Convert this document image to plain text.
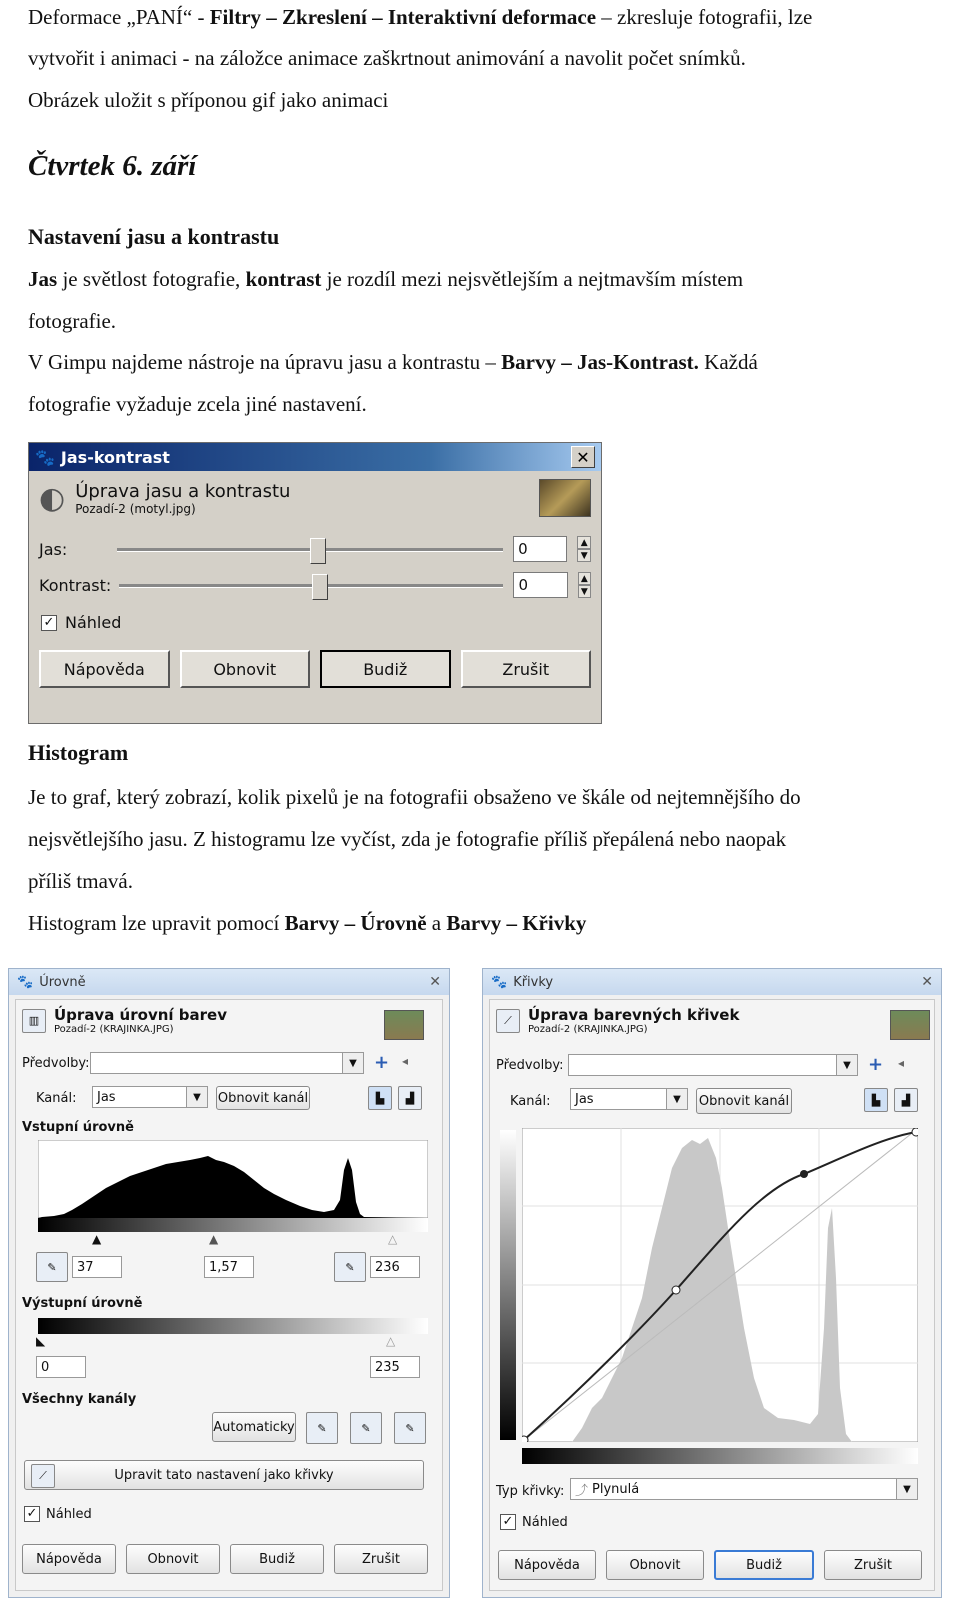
Deformace „PANÍ“ - Filtry – Zkreslení – Interaktivní deformace – zkresluje fotografii, lze

vytvořit i animaci - na záložce animace zaškrtnout animování a navolit počet snímků.

Obrázek uložit s příponou gif jako animaci

Nastavení jasu a kontrastu

Jas je světlost fotografie, kontrast je rozdíl mezi nejsvětlejším a nejtmavším místem

fotografie.

V Gimpu najdeme nástroje na úpravu jasu a kontrastu – Barvy – Jas-Kontrast. Každá

fotografie vyžaduje zcela jiné nastavení.

Histogram

Je to graf, který zobrazí, kolik pixelů je na fotografii obsaženo ve škále od nejtemnějšího do

nejsvětlejšího jasu. Z histogramu lze vyčíst, zda je fotografie příliš přepálená nebo naopak

příliš tmavá.

Histogram lze upravit pomocí Barvy – Úrovně a Barvy – Křivky

Čtvrtek 6. září

🐾 Jas-kontrast	✕
◐ Úprava jasu a kontrastu
Pozadí-2 (motyl.jpg)
Jas:	0	▲
▼
Kontrast:	0	▲
▼
✓ Náhled
Nápověda	Obnovit	Budiž	Zrušit
🐾 Úrovně	✕
▥ Úprava úrovní barev
Pozadí-2 (KRAJINKA.JPG)
Předvolby:	▼ + ◂
Kanál: Jas	▼	Obnovit kanál	▙	▟
Vstupní úrovně
▲	▲	△
✎	37	1,57	✎	236
Výstupní úrovně
◣	△
0	235
Všechny kanály
Automaticky	✎	✎	✎
⟋	Upravit tato nastavení jako křivky
✓ Náhled
Nápověda	Obnovit	Budiž	Zrušit
🐾 Křivky	✕
⟋	Úprava barevných křivek
Pozadí-2 (KRAJINKA.JPG)
Předvolby:	▼ + ◂
Kanál: Jas	▼	Obnovit kanál	▙	▟
Typ křivky: ⤴ Plynulá	▼
✓ Náhled
Nápověda	Obnovit	Budiž	Zrušit
